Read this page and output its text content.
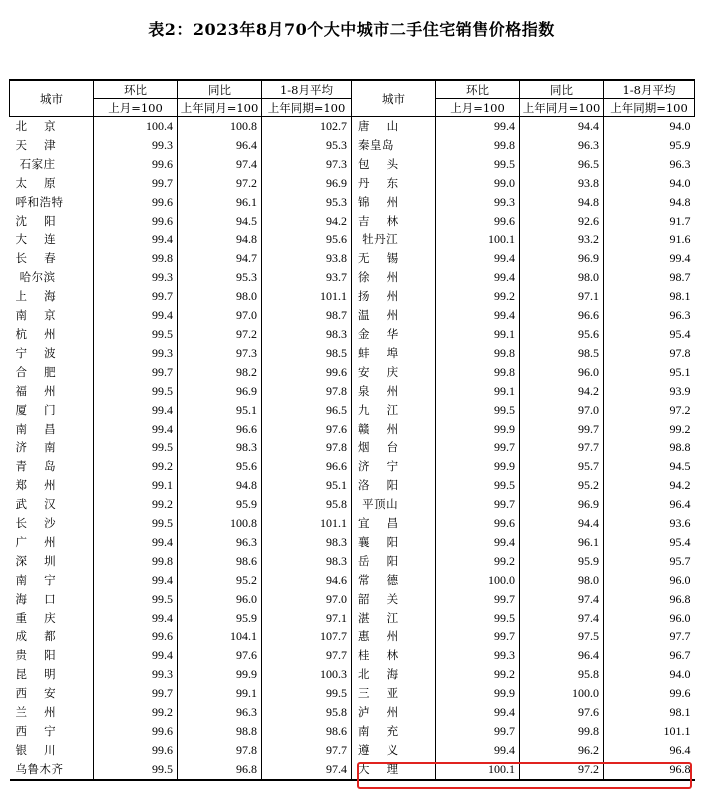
表2：2023年8月70个大中城市二手住宅销售价格指数
城市	环比	同比	1-8月平均	城市	环比	同比	1-8月平均
	上月=100	上年同月=100	上年同期=100		上月=100	上年同月=100	上年同期=100
北    京	100.4	100.8	102.7	唐    山	99.4	94.4	94.0
天    津	99.3	96.4	95.3	秦皇岛	99.8	96.3	95.9
石家庄	99.6	97.4	97.3	包    头	99.5	96.5	96.3
太    原	99.7	97.2	96.9	丹    东	99.0	93.8	94.0
呼和浩特	99.6	96.1	95.3	锦    州	99.3	94.8	94.8
沈    阳	99.6	94.5	94.2	吉    林	99.6	92.6	91.7
大    连	99.4	94.8	95.6	牡丹江	100.1	93.2	91.6
长    春	99.8	94.7	93.8	无    锡	99.4	96.9	99.4
哈尔滨	99.3	95.3	93.7	徐    州	99.4	98.0	98.7
上    海	99.7	98.0	101.1	扬    州	99.2	97.1	98.1
南    京	99.4	97.0	98.7	温    州	99.4	96.6	96.3
杭    州	99.5	97.2	98.3	金    华	99.1	95.6	95.4
宁    波	99.3	97.3	98.5	蚌    埠	99.8	98.5	97.8
合    肥	99.7	98.2	99.6	安    庆	99.8	96.0	95.1
福    州	99.5	96.9	97.8	泉    州	99.1	94.2	93.9
厦    门	99.4	95.1	96.5	九    江	99.5	97.0	97.2
南    昌	99.4	96.6	97.6	赣    州	99.9	99.7	99.2
济    南	99.5	98.3	97.8	烟    台	99.7	97.7	98.8
青    岛	99.2	95.6	96.6	济    宁	99.9	95.7	94.5
郑    州	99.1	94.8	95.1	洛    阳	99.5	95.2	94.2
武    汉	99.2	95.9	95.8	平顶山	99.7	96.9	96.4
长    沙	99.5	100.8	101.1	宜    昌	99.6	94.4	93.6
广    州	99.4	96.3	98.3	襄    阳	99.4	96.1	95.4
深    圳	99.8	98.6	98.3	岳    阳	99.2	95.9	95.7
南    宁	99.4	95.2	94.6	常    德	100.0	98.0	96.0
海    口	99.5	96.0	97.0	韶    关	99.7	97.4	96.8
重    庆	99.4	95.9	97.1	湛    江	99.5	97.4	96.0
成    都	99.6	104.1	107.7	惠    州	99.7	97.5	97.7
贵    阳	99.4	97.6	97.7	桂    林	99.3	96.4	96.7
昆    明	99.3	99.9	100.3	北    海	99.2	95.8	94.0
西    安	99.7	99.1	99.5	三    亚	99.9	100.0	99.6
兰    州	99.2	96.3	95.8	泸    州	99.4	97.6	98.1
西    宁	99.6	98.8	98.6	南    充	99.7	99.8	101.1
银    川	99.6	97.8	97.7	遵    义	99.4	96.2	96.4
乌鲁木齐	99.5	96.8	97.4	大    理	100.1	97.2	96.8
